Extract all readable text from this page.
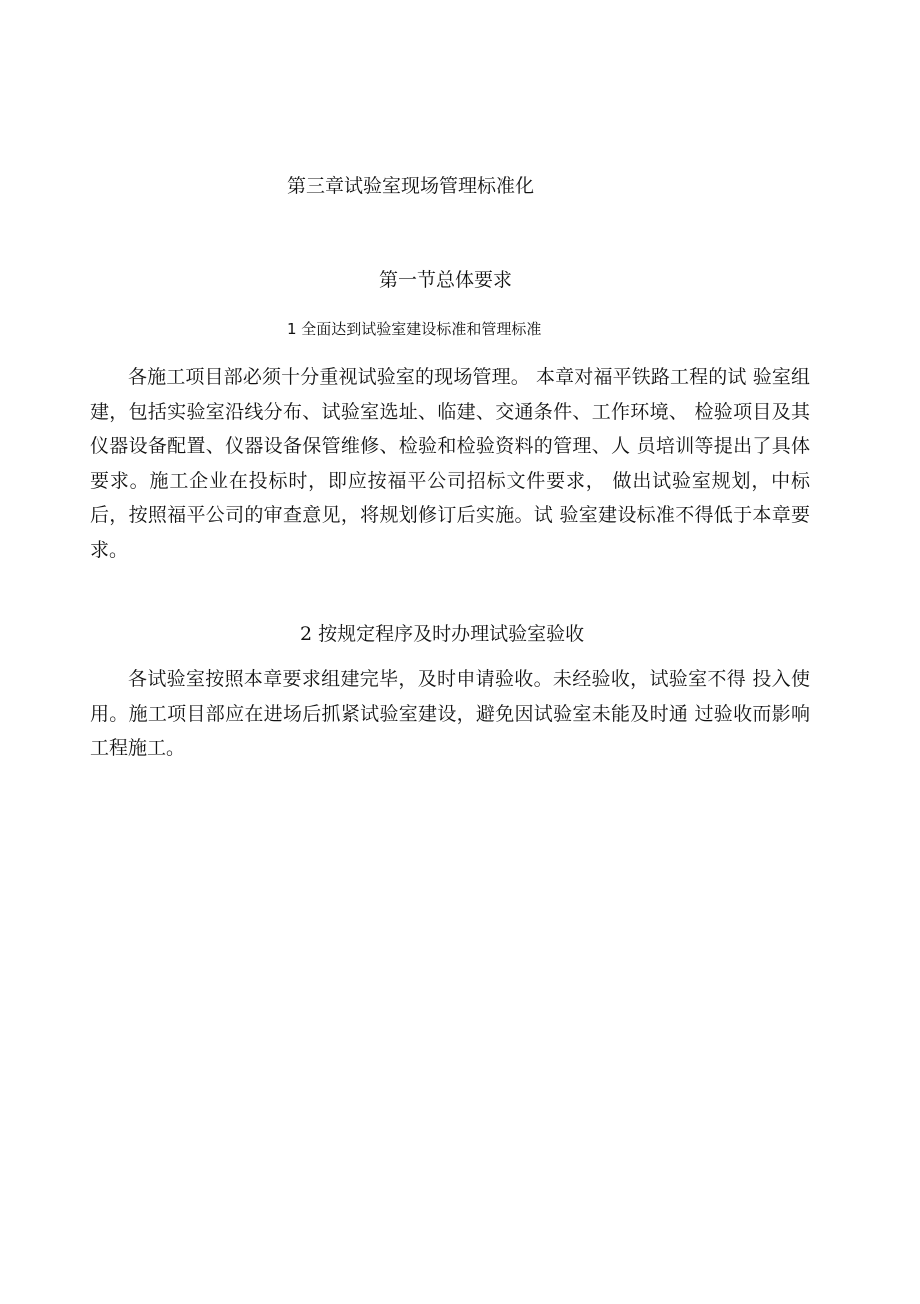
第三章试验室现场管理标准化
第一节总体要求
1 全面达到试验室建设标准和管理标准

各施工项目部必须十分重视试验室的现场管理。 本章对福平铁路工程的试 验室组建，包括实验室沿线分布、试验室选址、临建、交通条件、工作环境、 检验项目及其仪器设备配置、仪器设备保管维修、检验和检验资料的管理、人 员培训等提出了具体要求。施工企业在投标时，即应按福平公司招标文件要求， 做出试验室规划，中标后，按照福平公司的审查意见，将规划修订后实施。试 验室建设标准不得低于本章要求。

2 按规定程序及时办理试验室验收

各试验室按照本章要求组建完毕，及时申请验收。未经验收，试验室不得 投入使用。施工项目部应在进场后抓紧试验室建设，避免因试验室未能及时通 过验收而影响工程施工。
